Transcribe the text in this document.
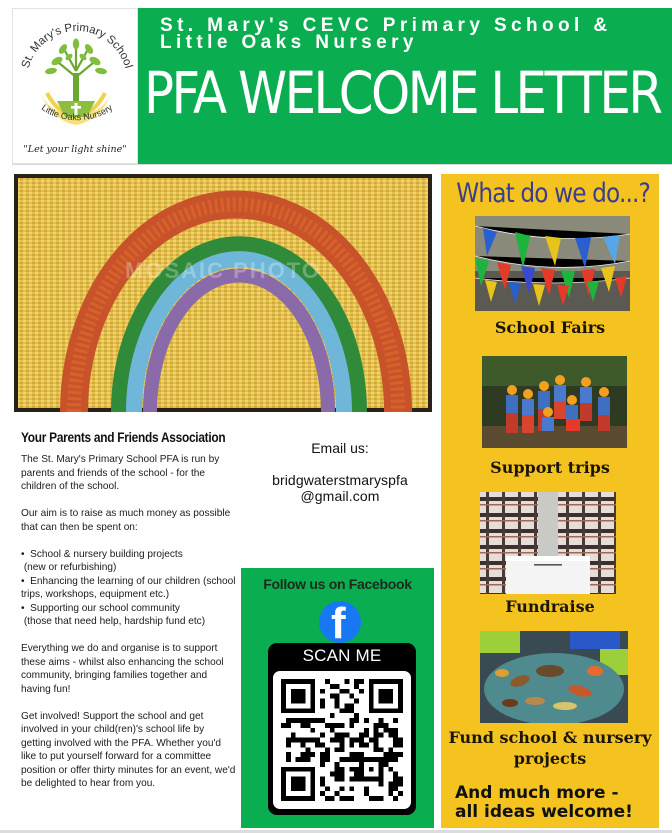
St. Mary's Primary School
Little Oaks Nursery
"Let your light shine"
St. Mary's CEVC Primary School &
Little Oaks Nursery
PFA WELCOME LETTER
MOSAIC PHOTO
Your Parents and Friends Association

The St. Mary's Primary School PFA is run by parents and friends of the school - for the children of the school.

Our aim is to raise as much money as possible that can then be spent on:

•  School & nursery building projects
(new or refurbishing)
•  Enhancing the learning of our children (school trips, workshops, equipment etc.)
•  Supporting our school community
(those that need help, hardship fund etc)

Everything we do and organise is to support these aims - whilst also enhancing the school community, bringing families together and having fun!

Get involved! Support the school and get involved in your child(ren)'s school life by getting involved with the PFA. Whether you'd like to put yourself forward for a committee position or offer thirty minutes for an event, we'd be delighted to hear from you.

Email us:
bridgwaterstmaryspfa
@gmail.com
Follow us on Facebook
f
SCAN ME
What do we do...?
School Fairs
Support trips
Fundraise
Fund school & nursery projects
And much more -
all ideas welcome!
